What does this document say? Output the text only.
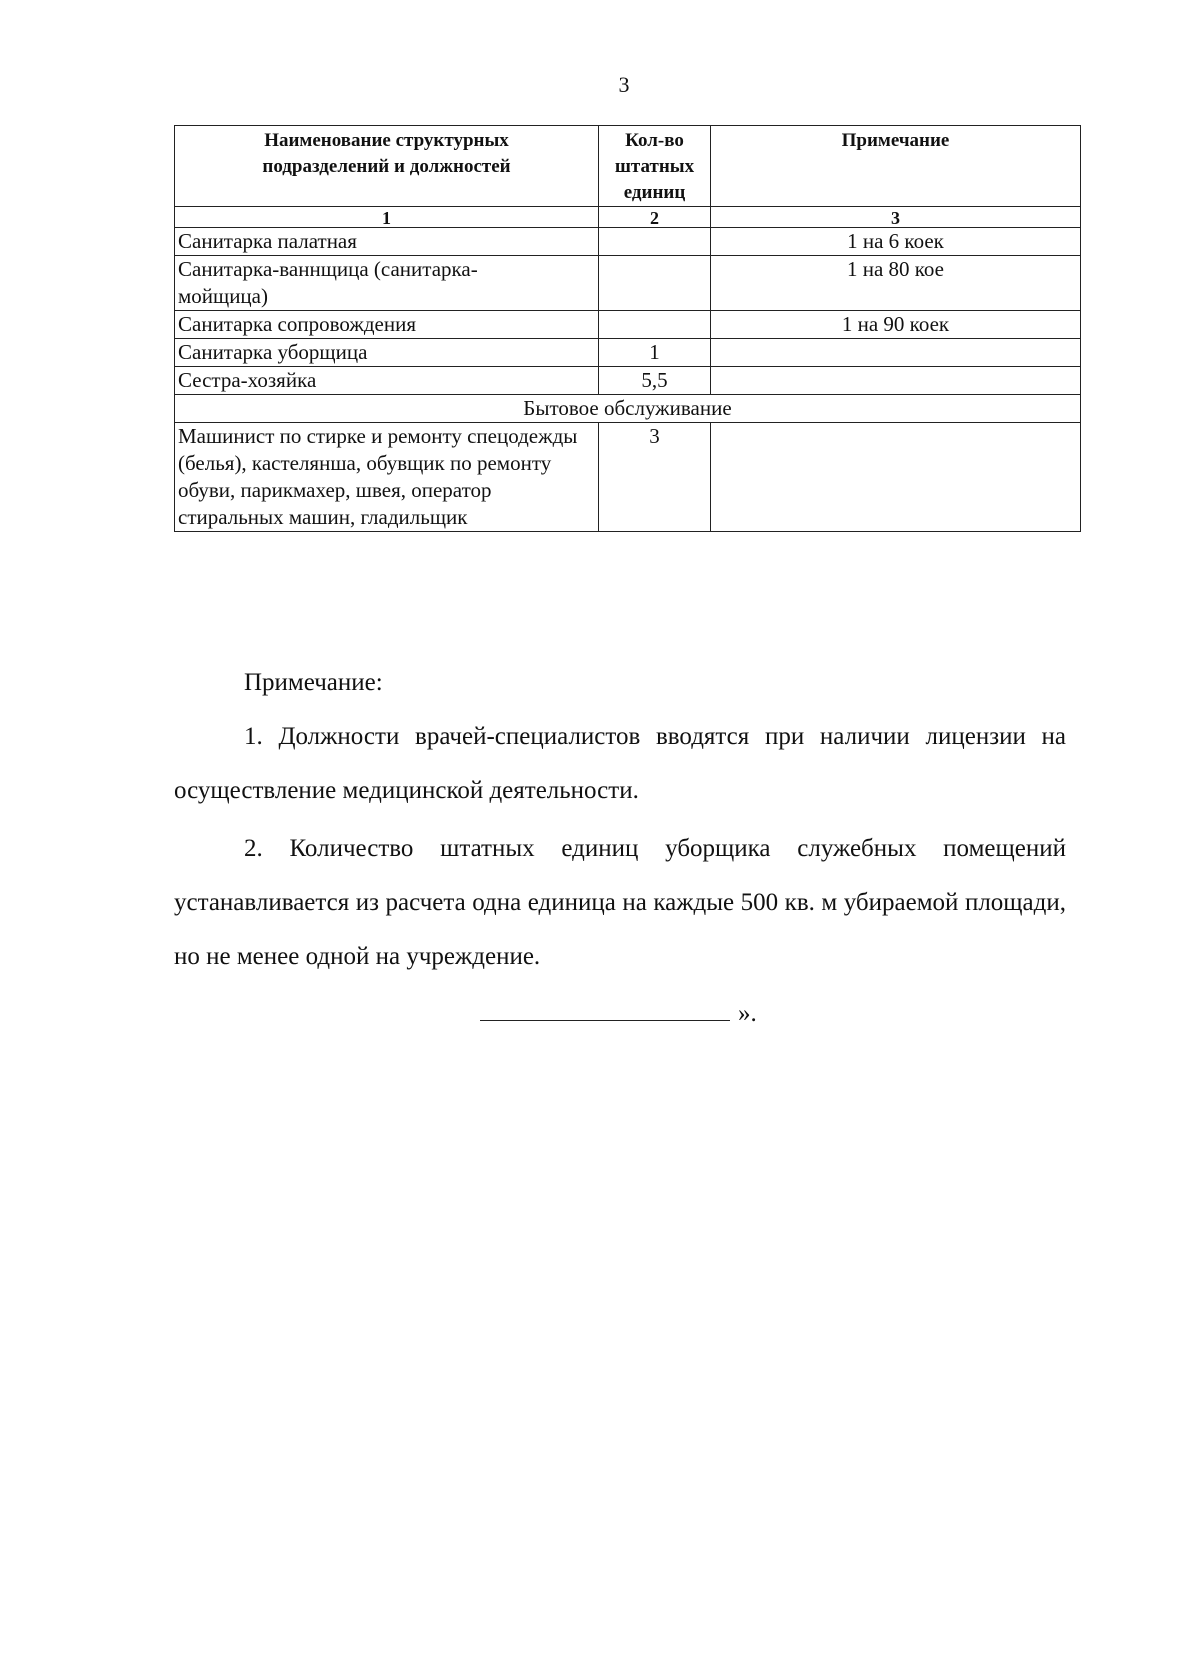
3
Наименование структурных подразделений и должностей	Кол-во штатных единиц	Примечание
1	2	3
Санитарка палатная		1 на 6 коек
Санитарка-ваннщица (санитарка-мойщица)		1 на 80 кое
Санитарка сопровождения		1 на 90 коек
Санитарка уборщица	1	
Сестра-хозяйка	5,5	
Бытовое обслуживание		
Машинист по стирке и ремонту спецодежды (белья), кастелянша, обувщик по ремонту обуви, парикмахер, швея, оператор стиральных машин, гладильщик	3	
Примечание:

1. Должности врачей-специалистов вводятся при наличии лицензии на осуществление медицинской деятельности.

2. Количество штатных единиц уборщика служебных помещений устанавливается из расчета одна единица на каждые 500 кв. м убираемой площади, но не менее одной на учреждение.

».
